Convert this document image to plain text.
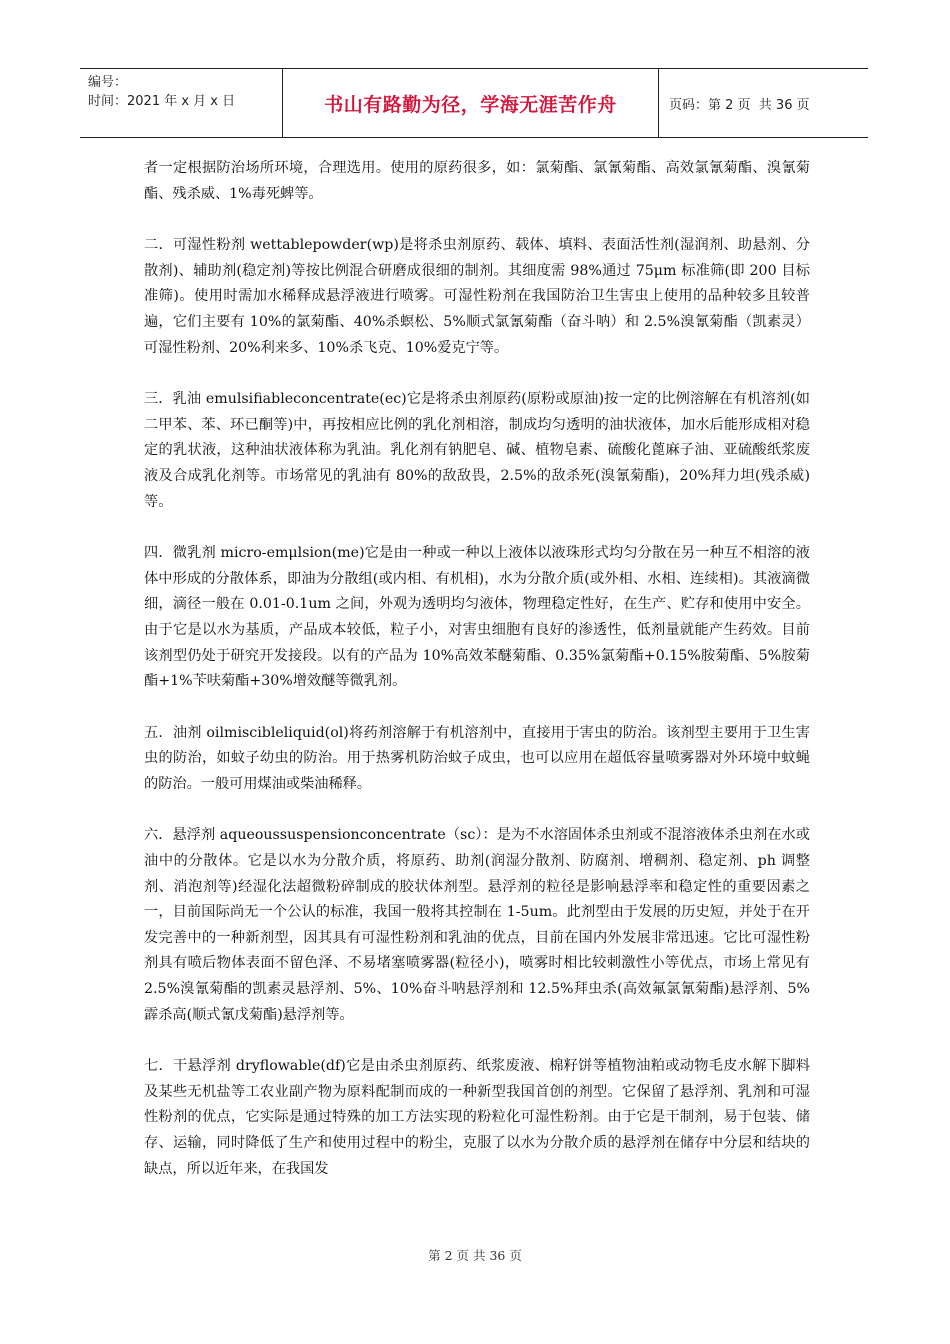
编号：
时间：2021 年 x 月 x 日	书山有路勤为径，学海无涯苦作舟	页码：第 2 页  共 36 页

者一定根据防治场所环境，合理选用。使用的原药很多，如：氯菊酯、氯氰菊酯、高效氯氰菊酯、溴氰菊酯、残杀威、1%毒死蜱等。

二．可湿性粉剂 wettablepowder(wp)是将杀虫剂原药、载体、填料、表面活性剂(湿润剂、助悬剂、分散剂)、辅助剂(稳定剂)等按比例混合研磨成很细的制剂。其细度需 98%通过 75μm 标准筛(即 200 目标准筛)。使用时需加水稀释成悬浮液进行喷雾。可湿性粉剂在我国防治卫生害虫上使用的品种较多且较普遍，它们主要有 10%的氯菊酯、40%杀螟松、5%顺式氯氰菊酯（奋斗呐）和 2.5%溴氰菊酯（凯素灵）可湿性粉剂、20%利来多、10%杀飞克、10%爱克宁等。

三．乳油 emulsifiableconcentrate(ec)它是将杀虫剂原药(原粉或原油)按一定的比例溶解在有机溶剂(如二甲苯、苯、环已酮等)中，再按相应比例的乳化剂相溶，制成均匀透明的油状液体，加水后能形成相对稳定的乳状液，这种油状液体称为乳油。乳化剂有钠肥皂、碱、植物皂素、硫酸化蓖麻子油、亚硫酸纸浆废液及合成乳化剂等。市场常见的乳油有 80%的敌敌畏，2.5%的敌杀死(溴氰菊酯)，20%拜力坦(残杀威)等。

四．微乳剂 micro-emμlsion(me)它是由一种或一种以上液体以液珠形式均匀分散在另一种互不相溶的液体中形成的分散体系，即油为分散组(或内相、有机相)，水为分散介质(或外相、水相、连续相)。其液滴微细，滴径一般在 0.01-0.1um 之间，外观为透明均匀液体，物理稳定性好，在生产、贮存和使用中安全。由于它是以水为基质，产品成本较低，粒子小，对害虫细胞有良好的渗透性，低剂量就能产生药效。目前该剂型仍处于研究开发接段。以有的产品为 10%高效苯醚菊酯、0.35%氯菊酯+0.15%胺菊酯、5%胺菊酯+1%苄呋菊酯+30%增效醚等微乳剂。

五．油剂 oilmiscibleliquid(ol)将药剂溶解于有机溶剂中，直接用于害虫的防治。该剂型主要用于卫生害虫的防治，如蚊子幼虫的防治。用于热雾机防治蚊子成虫，也可以应用在超低容量喷雾器对外环境中蚊蝇的防治。一般可用煤油或柴油稀释。

六．悬浮剂 aqueoussuspensionconcentrate（sc）：是为不水溶固体杀虫剂或不混溶液体杀虫剂在水或油中的分散体。它是以水为分散介质，将原药、助剂(润湿分散剂、防腐剂、增稠剂、稳定剂、ph 调整剂、消泡剂等)经湿化法超微粉碎制成的胶状体剂型。悬浮剂的粒径是影响悬浮率和稳定性的重要因素之一，目前国际尚无一个公认的标准，我国一般将其控制在 1-5um。此剂型由于发展的历史短，并处于在开发完善中的一种新剂型，因其具有可湿性粉剂和乳油的优点，目前在国内外发展非常迅速。它比可湿性粉剂具有喷后物体表面不留色泽、不易堵塞喷雾器(粒径小)，喷雾时相比较刺激性小等优点，市场上常见有 2.5%溴氰菊酯的凯素灵悬浮剂、5%、10%奋斗呐悬浮剂和 12.5%拜虫杀(高效氟氯氰菊酯)悬浮剂、5%霹杀高(顺式氰戊菊酯)悬浮剂等。

七．干悬浮剂 dryflowable(df)它是由杀虫剂原药、纸浆废液、棉籽饼等植物油粕或动物毛皮水解下脚料及某些无机盐等工农业副产物为原料配制而成的一种新型我国首创的剂型。它保留了悬浮剂、乳剂和可湿性粉剂的优点，它实际是通过特殊的加工方法实现的粉粒化可湿性粉剂。由于它是干制剂，易于包装、储存、运输，同时降低了生产和使用过程中的粉尘，克服了以水为分散介质的悬浮剂在储存中分层和结块的缺点，所以近年来，在我国发

第 2 页 共 36 页
